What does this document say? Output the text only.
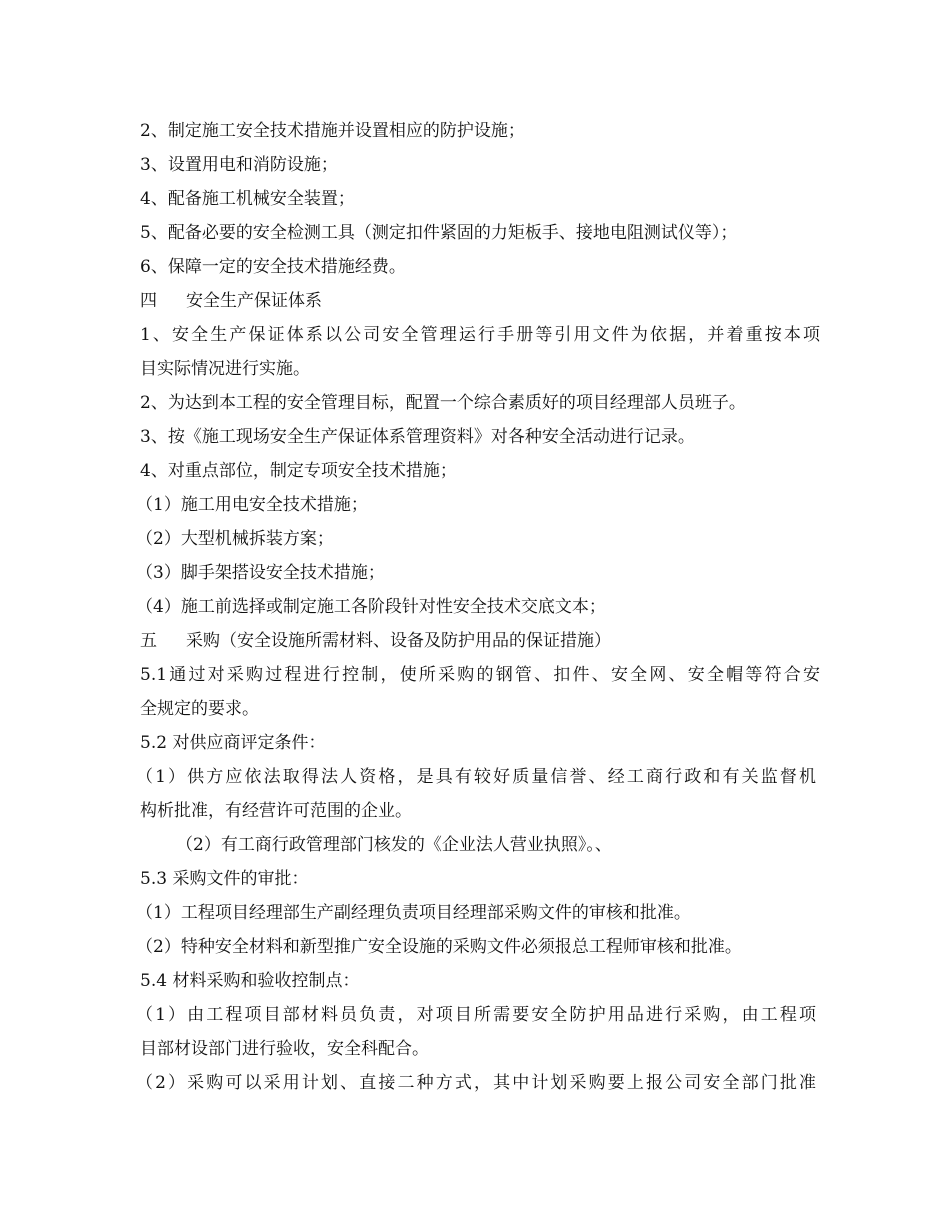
2、制定施工安全技术措施并设置相应的防护设施；
3、设置用电和消防设施；
4、配备施工机械安全装置；
5、配备必要的安全检测工具（测定扣件紧固的力矩板手、接地电阻测试仪等）；
6、保障一定的安全技术措施经费。
四 安全生产保证体系
1、安全生产保证体系以公司安全管理运行手册等引用文件为依据，并着重按本项
目实际情况进行实施。
2、为达到本工程的安全管理目标，配置一个综合素质好的项目经理部人员班子。
3、按《施工现场安全生产保证体系管理资料》对各种安全活动进行记录。
4、对重点部位，制定专项安全技术措施；
（1）施工用电安全技术措施；
（2）大型机械拆装方案；
（3）脚手架搭设安全技术措施；
（4）施工前选择或制定施工各阶段针对性安全技术交底文本；
五 采购（安全设施所需材料、设备及防护用品的保证措施）
5.1通过对采购过程进行控制，使所采购的钢管、扣件、安全网、安全帽等符合安
全规定的要求。
5.2 对供应商评定条件：
（1）供方应依法取得法人资格，是具有较好质量信誉、经工商行政和有关监督机
构析批准，有经营许可范围的企业。
（2）有工商行政管理部门核发的《企业法人营业执照》。、
5.3 采购文件的审批：
（1）工程项目经理部生产副经理负责项目经理部采购文件的审核和批准。
（2）特种安全材料和新型推广安全设施的采购文件必须报总工程师审核和批准。
5.4 材料采购和验收控制点：
（1）由工程项目部材料员负责，对项目所需要安全防护用品进行采购，由工程项
目部材设部门进行验收，安全科配合。
（2）采购可以采用计划、直接二种方式，其中计划采购要上报公司安全部门批准
